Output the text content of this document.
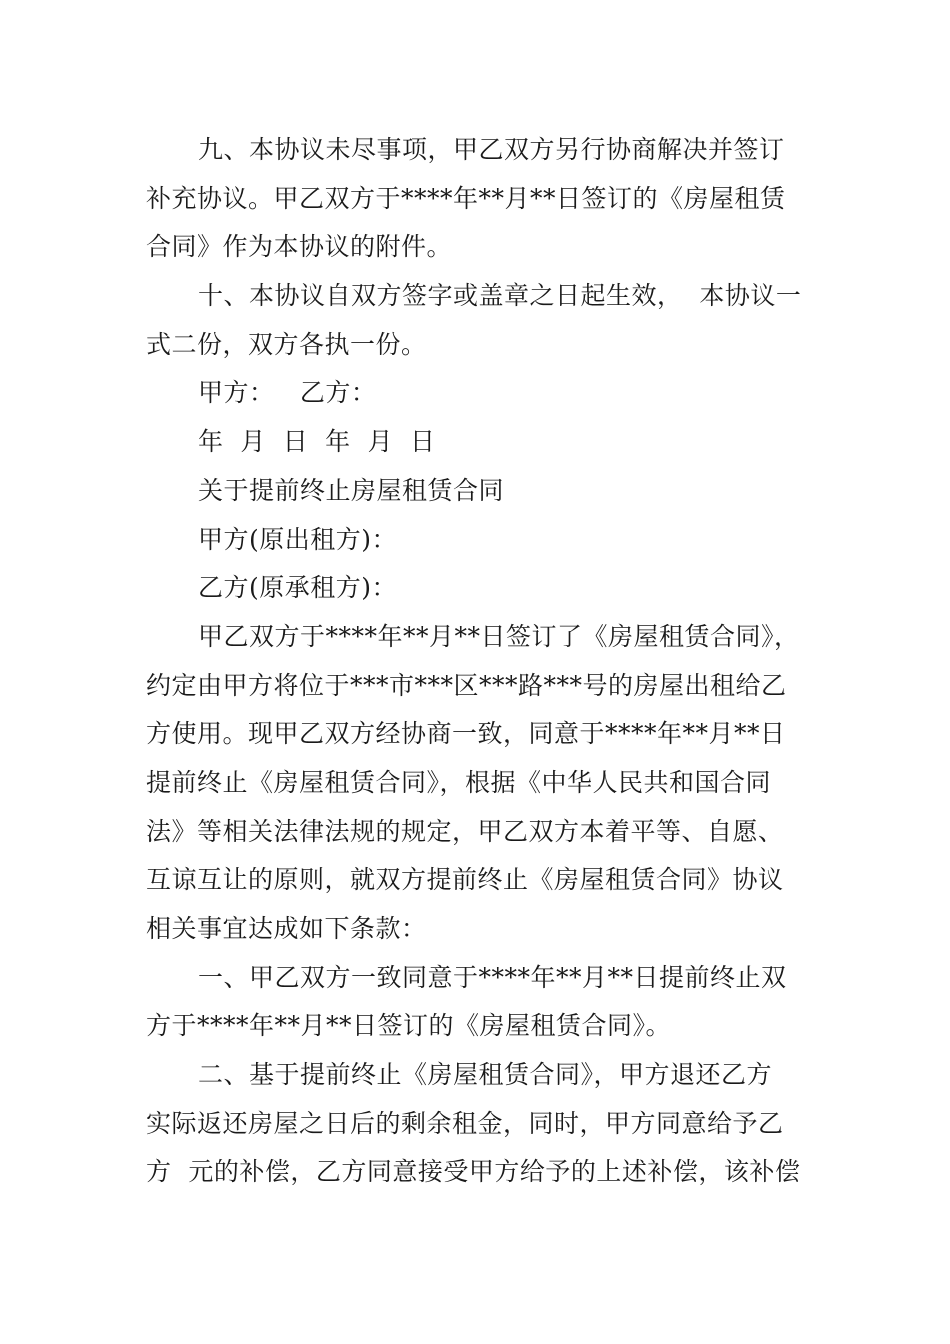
九、本协议未尽事项，甲乙双方另行协商解决并签订
补充协议。甲乙双方于****年**月**日签订的《房屋租赁
合同》作为本协议的附件。
十、本协议自双方签字或盖章之日起生效，  本协议一
式二份，双方各执一份。
甲方：   乙方：
年  月  日  年  月  日
关于提前终止房屋租赁合同
甲方(原出租方)：
乙方(原承租方)：
甲乙双方于****年**月**日签订了《房屋租赁合同》，
约定由甲方将位于***市***区***路***号的房屋出租给乙
方使用。现甲乙双方经协商一致，同意于****年**月**日
提前终止《房屋租赁合同》，根据《中华人民共和国合同
法》等相关法律法规的规定，甲乙双方本着平等、自愿、
互谅互让的原则，就双方提前终止《房屋租赁合同》协议
相关事宜达成如下条款：
一、甲乙双方一致同意于****年**月**日提前终止双
方于****年**月**日签订的《房屋租赁合同》。
二、基于提前终止《房屋租赁合同》，甲方退还乙方
实际返还房屋之日后的剩余租金，同时，甲方同意给予乙
方  元的补偿，乙方同意接受甲方给予的上述补偿，该补偿
